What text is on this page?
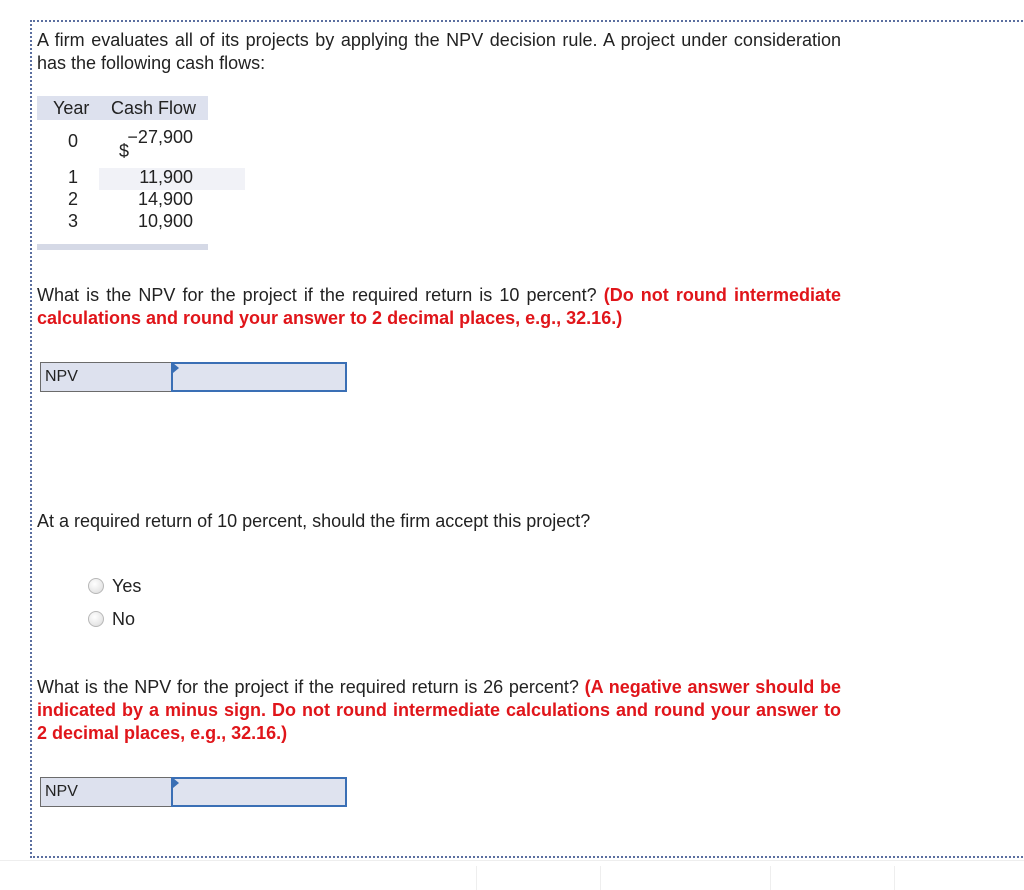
A firm evaluates all of its projects by applying the NPV decision rule. A project under consideration has the following cash flows:
Year Cash Flow
0	−27,900
$
1	11,900
2	14,900
3	10,900
What is the NPV for the project if the required return is 10 percent? (Do not round intermediate calculations and round your answer to 2 decimal places, e.g., 32.16.)
NPV
At a required return of 10 percent, should the firm accept this project?
Yes
No
What is the NPV for the project if the required return is 26 percent? (A negative answer should be indicated by a minus sign. Do not round intermediate calculations and round your answer to 2 decimal places, e.g., 32.16.)
NPV
